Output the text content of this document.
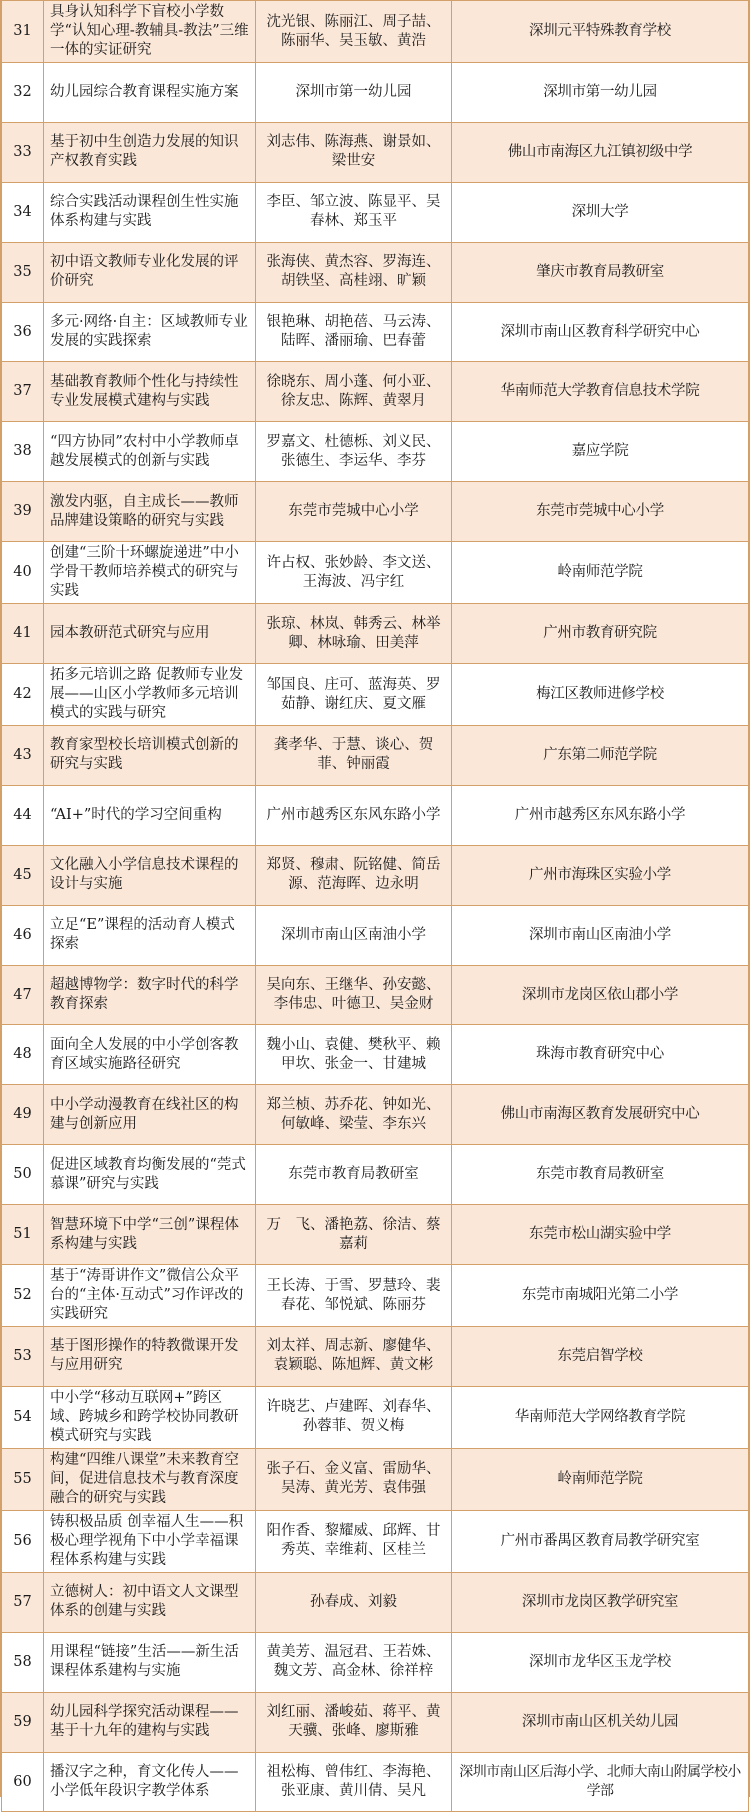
31	具身认知科学下盲校小学数学“认知心理-教辅具-教法”三维一体的实证研究	沈光银、陈丽江、周子喆、陈丽华、吴玉敏、黄浩	深圳元平特殊教育学校
32	幼儿园综合教育课程实施方案	深圳市第一幼儿园	深圳市第一幼儿园
33	基于初中生创造力发展的知识产权教育实践	刘志伟、陈海燕、谢景如、梁世安	佛山市南海区九江镇初级中学
34	综合实践活动课程创生性实施体系构建与实践	李臣、邹立波、陈显平、吴春林、郑玉平	深圳大学
35	初中语文教师专业化发展的评价研究	张海侠、黄杰容、罗海连、胡铁坚、高桂翊、旷颖	肇庆市教育局教研室
36	多元·网络·自主：区域教师专业发展的实践探索	银艳琳、胡艳蓓、马云涛、陆晖、潘丽瑜、巴春蕾	深圳市南山区教育科学研究中心
37	基础教育教师个性化与持续性专业发展模式建构与实践	徐晓东、周小蓬、何小亚、徐友忠、陈辉、黄翠月	华南师范大学教育信息技术学院
38	“四方协同”农村中小学教师卓越发展模式的创新与实践	罗嘉文、杜德栎、刘义民、张德生、李运华、李芬	嘉应学院
39	激发内驱，自主成长——教师品牌建设策略的研究与实践	东莞市莞城中心小学	东莞市莞城中心小学
40	创建“三阶十环螺旋递进”中小学骨干教师培养模式的研究与实践	许占权、张妙龄、李文送、王海波、冯宇红	岭南师范学院
41	园本教研范式研究与应用	张琼、林岚、韩秀云、林举卿、林咏瑜、田美萍	广州市教育研究院
42	拓多元培训之路 促教师专业发展——山区小学教师多元培训模式的实践与研究	邹国良、庄可、蓝海英、罗茹静、谢红庆、夏文雁	梅江区教师进修学校
43	教育家型校长培训模式创新的研究与实践	龚孝华、于慧、谈心、贺菲、钟丽霞	广东第二师范学院
44	“AI+”时代的学习空间重构	广州市越秀区东风东路小学	广州市越秀区东风东路小学
45	文化融入小学信息技术课程的设计与实施	郑贤、穆肃、阮铭健、简岳源、范海晖、边永明	广州市海珠区实验小学
46	立足“E”课程的活动育人模式探索	深圳市南山区南油小学	深圳市南山区南油小学
47	超越博物学：数字时代的科学教育探索	吴向东、王继华、孙安懿、李伟忠、叶德卫、吴金财	深圳市龙岗区依山郡小学
48	面向全人发展的中小学创客教育区域实施路径研究	魏小山、袁健、樊秋平、赖甲坎、张金一、甘建城	珠海市教育研究中心
49	中小学动漫教育在线社区的构建与创新应用	郑兰桢、苏乔花、钟如光、何敏峰、梁莹、李东兴	佛山市南海区教育发展研究中心
50	促进区域教育均衡发展的“莞式慕课”研究与实践	东莞市教育局教研室	东莞市教育局教研室
51	智慧环境下中学“三创”课程体系构建与实践	万　飞、潘艳荔、徐洁、蔡嘉莉	东莞市松山湖实验中学
52	基于“涛哥讲作文”微信公众平台的“主体·互动式”习作评改的实践研究	王长涛、于雪、罗慧玲、裴春花、邹悦斌、陈丽芬	东莞市南城阳光第二小学
53	基于图形操作的特教微课开发与应用研究	刘太祥、周志新、廖健华、袁颖聪、陈旭辉、黄文彬	东莞启智学校
54	中小学“移动互联网+”跨区域、跨城乡和跨学校协同教研模式研究与实践	许晓艺、卢建晖、刘春华、孙蓉菲、贺义梅	华南师范大学网络教育学院
55	构建“四维八课堂”未来教育空间，促进信息技术与教育深度融合的研究与实践	张子石、金义富、雷励华、吴涛、黄光芳、袁伟强	岭南师范学院
56	铸积极品质 创幸福人生——积极心理学视角下中小学幸福课程体系构建与实践	阳作香、黎耀威、邱辉、甘秀英、幸维莉、区桂兰	广州市番禺区教育局教学研究室
57	立德树人：初中语文人文课型体系的创建与实践	孙春成、刘毅	深圳市龙岗区教学研究室
58	用课程“链接”生活——新生活课程体系建构与实施	黄美芳、温冠君、王若姝、魏文芳、高金林、徐祥梓	深圳市龙华区玉龙学校
59	幼儿园科学探究活动课程——基于十九年的建构与实践	刘红丽、潘峻茹、蒋平、黄天骥、张峰、廖斯雅	深圳市南山区机关幼儿园
60	播汉字之种，育文化传人——小学低年段识字教学体系	祖松梅、曾伟红、李海艳、张亚康、黄川倩、吴凡	深圳市南山区后海小学、北师大南山附属学校小学部
